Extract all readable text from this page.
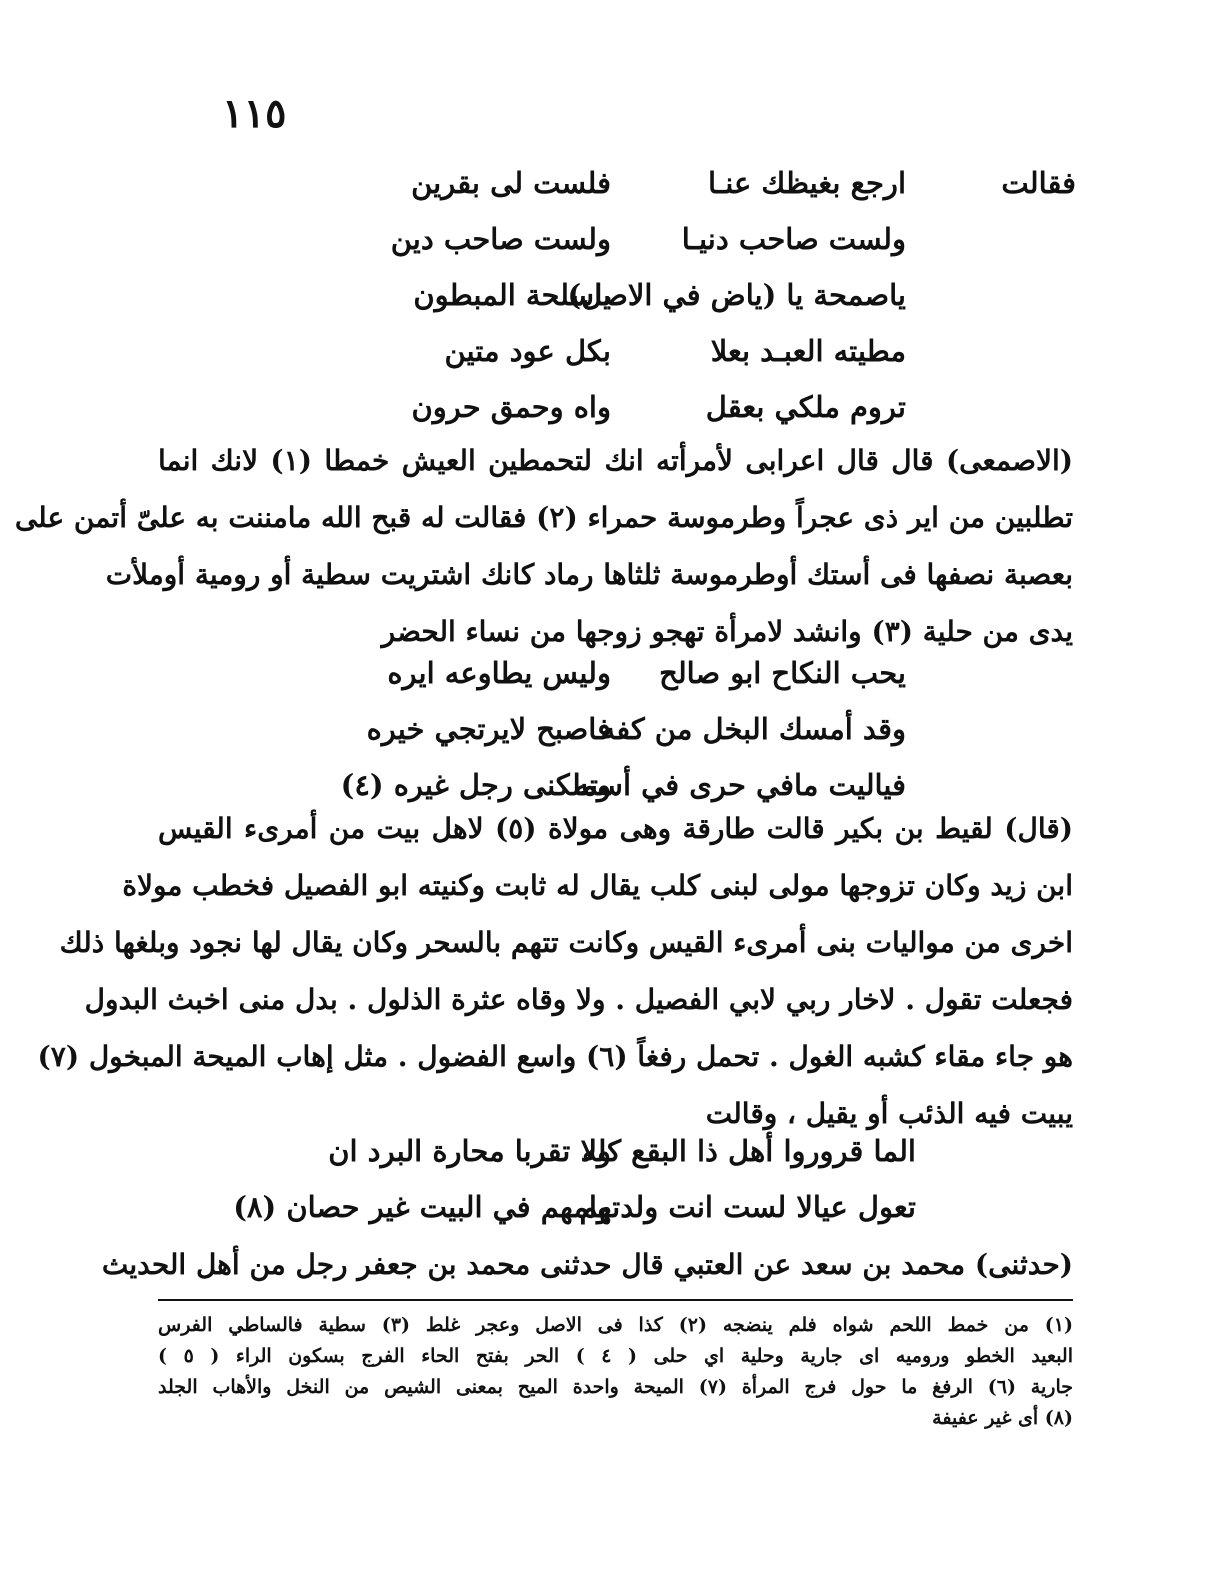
١١٥
فقالت
ارجع بغيظك عنـا
فلست لى بقرين
ولست صاحب دنيـا
ولست صاحب دين
ياصمحة يا (ياض في الاصل)
ياسلحة المبطون
مطيته العبـد بعلا
بكل عود متين
تروم ملكي بعقل
واه وحمق حرون
(الاصمعى) قال قال اعرابى لأمرأته انك لتحمطين العيش خمطا (١) لانك انما
تطلبين من اير ذى عجراً وطرموسة حمراء (٢) فقالت له قبح الله مامننت به علىّ أتمن على
بعصبة نصفها فى أستك أوطرموسة ثلثاها رماد كانك اشتريت سطية أو رومية أوملأت
يدى من حلية (٣) وانشد لامرأة تهجو زوجها من نساء الحضر
يحب النكاح ابو صالح
وليس يطاوعه ايره
وقد أمسك البخل من كفه
فاصبح لايرتجي خيره
فياليت مافي حرى في أسته
وملكنى رجل غيره (٤)
(قال) لقيط بن بكير قالت طارقة وهى مولاة (٥) لاهل بيت من أمرىء القيس
ابن زيد وكان تزوجها مولى لبنى كلب يقال له ثابت وكنيته ابو الفصيل فخطب مولاة
اخرى من مواليات بنى أمرىء القيس وكانت تتهم بالسحر وكان يقال لها نجود وبلغها ذلك
فجعلت تقول . لاخار ربي لابي الفصيل . ولا وقاه عثرة الذلول . بدل منى اخبث البدول
هو جاء مقاء كشبه الغول . تحمل رفغاً (٦) واسع الفضول . مثل إهاب الميحة المبخول (٧)
يبيت فيه الذئب أو يقيل ، وقالت
الما قروروا أهل ذا البقع كله
ولا تقربا محارة البرد ان
تعول عيالا لست انت ولدتهم
وامهم في البيت غير حصان (٨)
(حدثنى) محمد بن سعد عن العتبي قال حدثنى محمد بن جعفر رجل من أهل الحديث
(١) من خمط اللحم شواه فلم ينضجه (٢) كذا فى الاصل وعجر غلط (٣) سطية فالساطي الفرس
البعيد الخطو وروميه اى جارية وحلية اي حلى ( ٤ ) الحر بفتح الحاء الفرج بسكون الراء ( ٥ )
جارية (٦) الرفغ ما حول فرج المرأة (٧) الميحة واحدة الميح بمعنى الشيص من النخل والأهاب الجلد
(٨) أى غير عفيفة
